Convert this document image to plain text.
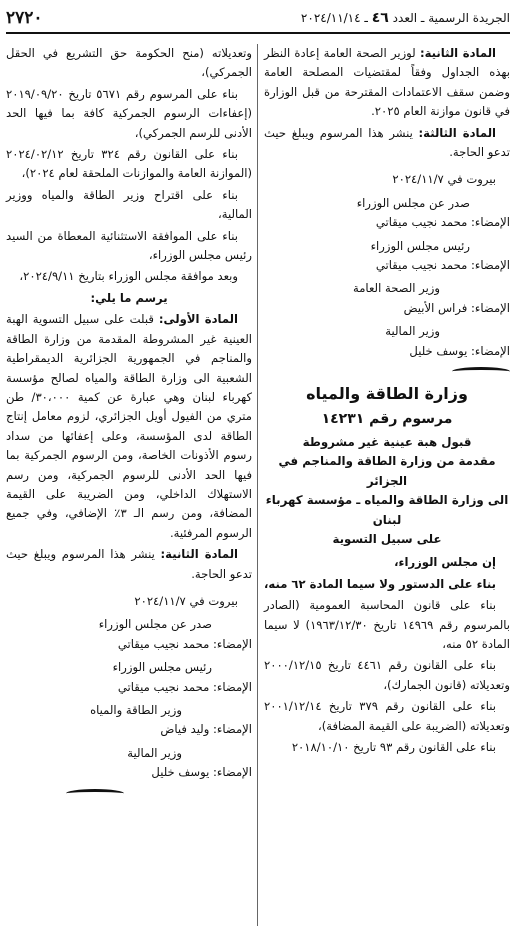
الجريدة الرسمية ـ العدد ٤٦ ـ ٢٠٢٤/١١/١٤
٢٧٢٠

المادة الثانية: لوزير الصحة العامة إعادة النظر بهذه الجداول وفقاً لمقتضيات المصلحة العامة وضمن سقف الاعتمادات المقترحة من قبل الوزارة في قانون موازنة العام ٢٠٢٥.

المادة الثالثة: ينشر هذا المرسوم ويبلغ حيث تدعو الحاجة.

بيروت في ٢٠٢٤/١١/٧

صدر عن مجلس الوزراء

الإمضاء: محمد نجيب ميقاتي

رئيس مجلس الوزراء

الإمضاء: محمد نجيب ميقاتي

وزير الصحة العامة

الإمضاء: فراس الأبيض

وزير المالية

الإمضاء: يوسف خليل

وزارة الطاقة والمياه
مرسوم رقم ١٤٢٣١

قبول هبة عينية غير مشروطة

مقدمة من وزارة الطاقة والمناجم في الجزائر

الى وزارة الطاقة والمياه ـ مؤسسة كهرباء لبنان

على سبيل التسوية

إن مجلس الوزراء،

بناء على الدستور ولا سيما المادة ٦٢ منه،

بناء على قانون المحاسبة العمومية (الصادر بالمرسوم رقم ١٤٩٦٩ تاريخ ١٩٦٣/١٢/٣٠) لا سيما المادة ٥٢ منه،

بناء على القانون رقم ٤٤٦١ تاريخ ٢٠٠٠/١٢/١٥ وتعديلاته (قانون الجمارك)،

بناء على القانون رقم ٣٧٩ تاريخ ٢٠٠١/١٢/١٤ وتعديلاته (الضريبة على القيمة المضافة)،

بناء على القانون رقم ٩٣ تاريخ ٢٠١٨/١٠/١٠

وتعديلاته (منح الحكومة حق التشريع في الحقل الجمركي)،

بناء على المرسوم رقم ٥٦٧١ تاريخ ٢٠١٩/٠٩/٢٠ (إعفاءات الرسوم الجمركية كافة بما فيها الحد الأدنى للرسم الجمركي)،

بناء على القانون رقم ٣٢٤ تاريخ ٢٠٢٤/٠٢/١٢ (الموازنة العامة والموازنات الملحقة لعام ٢٠٢٤)،

بناء على اقتراح وزير الطاقة والمياه ووزير المالية،

بناء على الموافقة الاستثنائية المعطاة من السيد رئيس مجلس الوزراء،

وبعد موافقة مجلس الوزراء بتاريخ ٢٠٢٤/٩/١١،

يرسم ما يلي:

المادة الأولى: قبلت على سبيل التسوية الهبة العينية غير المشروطة المقدمة من وزارة الطاقة والمناجم في الجمهورية الجزائرية الديمقراطية الشعبية الى وزارة الطاقة والمياه لصالح مؤسسة كهرباء لبنان وهي عبارة عن كمية ٣٠،٠٠٠/ طن متري من الفيول أويل الجزائري، لزوم معامل إنتاج الطاقة لدى المؤسسة، وعلى إعفائها من سداد رسوم الأذونات الخاصة، ومن الرسوم الجمركية بما فيها الحد الأدنى للرسوم الجمركية، ومن رسم الاستهلاك الداخلي، ومن الضريبة على القيمة المضافة، ومن رسم الـ ٣٪ الإضافي، وفي جميع الرسوم المرفئية.

المادة الثانية: ينشر هذا المرسوم ويبلغ حيث تدعو الحاجة.

بيروت في ٢٠٢٤/١١/٧

صدر عن مجلس الوزراء

الإمضاء: محمد نجيب ميقاتي

رئيس مجلس الوزراء

الإمضاء: محمد نجيب ميقاتي

وزير الطاقة والمياه

الإمضاء: وليد فياض

وزير المالية

الإمضاء: يوسف خليل
